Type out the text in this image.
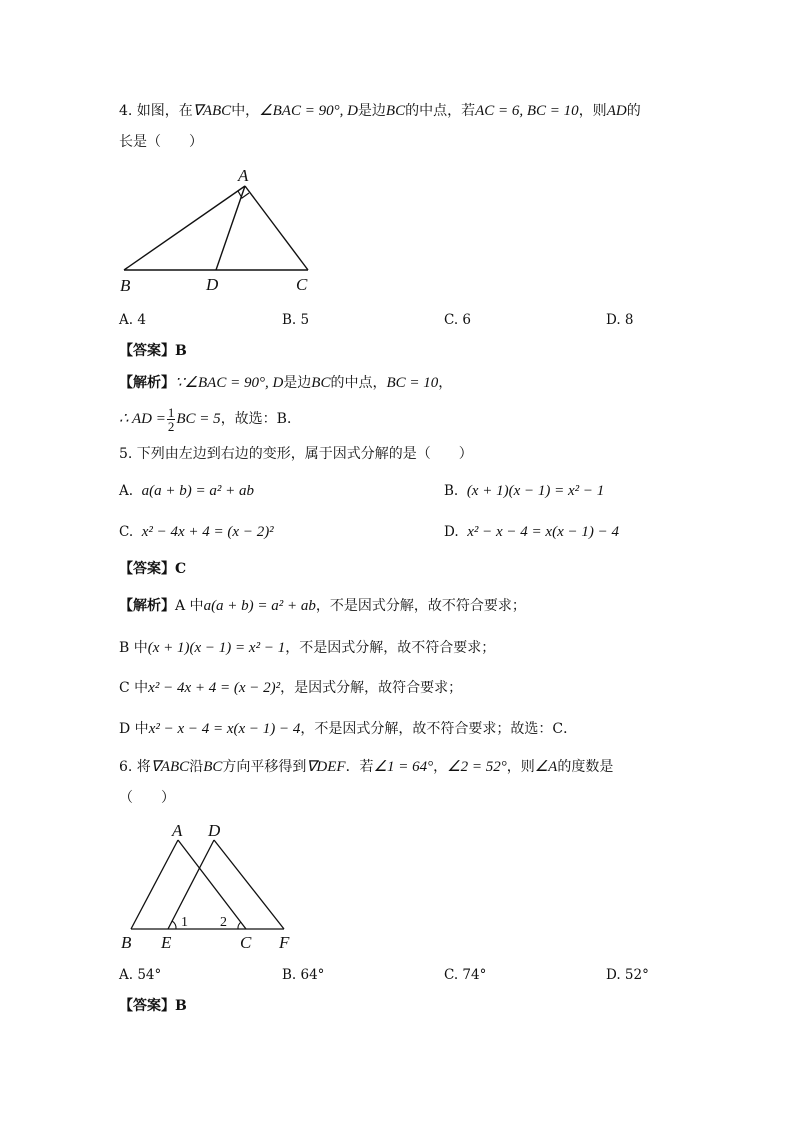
4. 如图，在∇ABC中，∠BAC = 90°, D是边BC的中点，若AC = 6, BC = 10，则AD的
长是（　　）
A
B	D	C
A. 4	B. 5	C. 6	D. 8
【答案】B
【解析】∵∠BAC = 90°, D是边BC的中点，BC = 10，
∴ AD = $\frac{1}{2}$ BC = 5，故选：B．
5. 下列由左边到右边的变形，属于因式分解的是（　　）
A. a(a + b) = a² + ab	B. (x + 1)(x − 1) = x² − 1
C. x² − 4x + 4 = (x − 2)²	D. x² − x − 4 = x(x − 1) − 4
【答案】C
【解析】A 中a(a + b) = a² + ab，不是因式分解，故不符合要求；
B 中(x + 1)(x − 1) = x² − 1，不是因式分解，故不符合要求；
C 中x² − 4x + 4 = (x − 2)²，是因式分解，故符合要求；
D 中x² − x − 4 = x(x − 1) − 4，不是因式分解，故不符合要求；故选：C．
6. 将∇ABC沿BC方向平移得到∇DEF．若∠1 = 64°，∠2 = 52°，则∠A的度数是
（　　）
A D
B E	C F
1 2
A. 54°	B. 64°	C. 74°	D. 52°
【答案】B
